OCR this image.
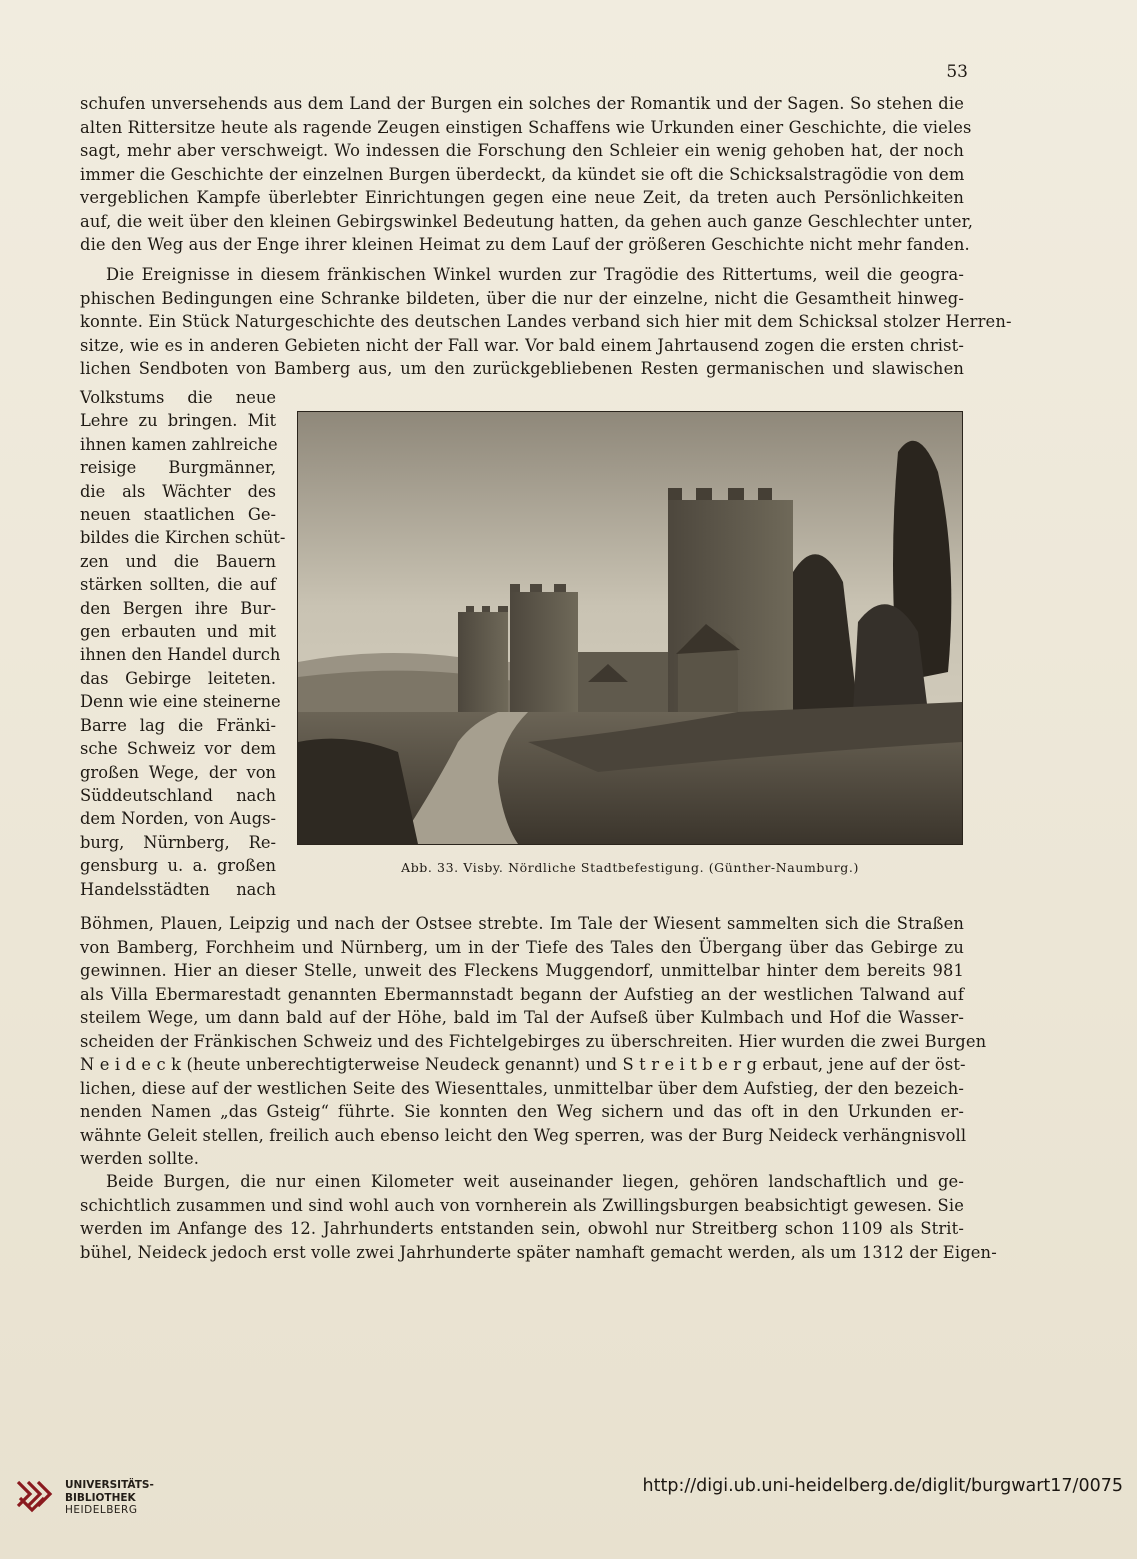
53
schufen unversehends aus dem Land der Burgen ein solches der Romantik und der Sagen. So stehen die
alten Rittersitze heute als ragende Zeugen einstigen Schaffens wie Urkunden einer Geschichte, die vieles
sagt, mehr aber verschweigt. Wo indessen die Forschung den Schleier ein wenig gehoben hat, der noch
immer die Geschichte der einzelnen Burgen überdeckt, da kündet sie oft die Schicksalstragödie von dem
vergeblichen Kampfe überlebter Einrichtungen gegen eine neue Zeit, da treten auch Persönlichkeiten
auf, die weit über den kleinen Gebirgswinkel Bedeutung hatten, da gehen auch ganze Geschlechter unter,
die den Weg aus der Enge ihrer kleinen Heimat zu dem Lauf der größeren Geschichte nicht mehr fanden.
Die Ereignisse in diesem fränkischen Winkel wurden zur Tragödie des Rittertums, weil die geogra-
phischen Bedingungen eine Schranke bildeten, über die nur der einzelne, nicht die Gesamtheit hinweg-
konnte. Ein Stück Naturgeschichte des deutschen Landes verband sich hier mit dem Schicksal stolzer Herren-
sitze, wie es in anderen Gebieten nicht der Fall war. Vor bald einem Jahrtausend zogen die ersten christ-
lichen Sendboten von Bamberg aus, um den zurückgebliebenen Resten germanischen und slawischen
Volkstums die neue
Lehre zu bringen. Mit
ihnen kamen zahlreiche
reisige Burgmänner,
die als Wächter des
neuen staatlichen Ge-
bildes die Kirchen schüt-
zen und die Bauern
stärken sollten, die auf
den Bergen ihre Bur-
gen erbauten und mit
ihnen den Handel durch
das Gebirge leiteten.
Denn wie eine steinerne
Barre lag die Fränki-
sche Schweiz vor dem
großen Wege, der von
Süddeutschland nach
dem Norden, von Augs-
burg, Nürnberg, Re-
gensburg u. a. großen
Handelsstädten nach
Abb. 33. Visby. Nördliche Stadtbefestigung. (Günther-Naumburg.)
Böhmen, Plauen, Leipzig und nach der Ostsee strebte. Im Tale der Wiesent sammelten sich die Straßen
von Bamberg, Forchheim und Nürnberg, um in der Tiefe des Tales den Übergang über das Gebirge zu
gewinnen. Hier an dieser Stelle, unweit des Fleckens Muggendorf, unmittelbar hinter dem bereits 981
als Villa Ebermarestadt genannten Ebermannstadt begann der Aufstieg an der westlichen Talwand auf
steilem Wege, um dann bald auf der Höhe, bald im Tal der Aufseß über Kulmbach und Hof die Wasser-
scheiden der Fränkischen Schweiz und des Fichtelgebirges zu überschreiten. Hier wurden die zwei Burgen
N e i d e c k (heute unberechtigterweise Neudeck genannt) und S t r e i t b e r g erbaut, jene auf der öst-
lichen, diese auf der westlichen Seite des Wiesenttales, unmittelbar über dem Aufstieg, der den bezeich-
nenden Namen „das Gsteig“ führte. Sie konnten den Weg sichern und das oft in den Urkunden er-
wähnte Geleit stellen, freilich auch ebenso leicht den Weg sperren, was der Burg Neideck verhängnisvoll
werden sollte.
Beide Burgen, die nur einen Kilometer weit auseinander liegen, gehören landschaftlich und ge-
schichtlich zusammen und sind wohl auch von vornherein als Zwillingsburgen beabsichtigt gewesen. Sie
werden im Anfange des 12. Jahrhunderts entstanden sein, obwohl nur Streitberg schon 1109 als Strit-
bühel, Neideck jedoch erst volle zwei Jahrhunderte später namhaft gemacht werden, als um 1312 der Eigen-
UNIVERSITÄTS-
BIBLIOTHEK
HEIDELBERG
http://digi.ub.uni-heidelberg.de/diglit/burgwart17/0075
